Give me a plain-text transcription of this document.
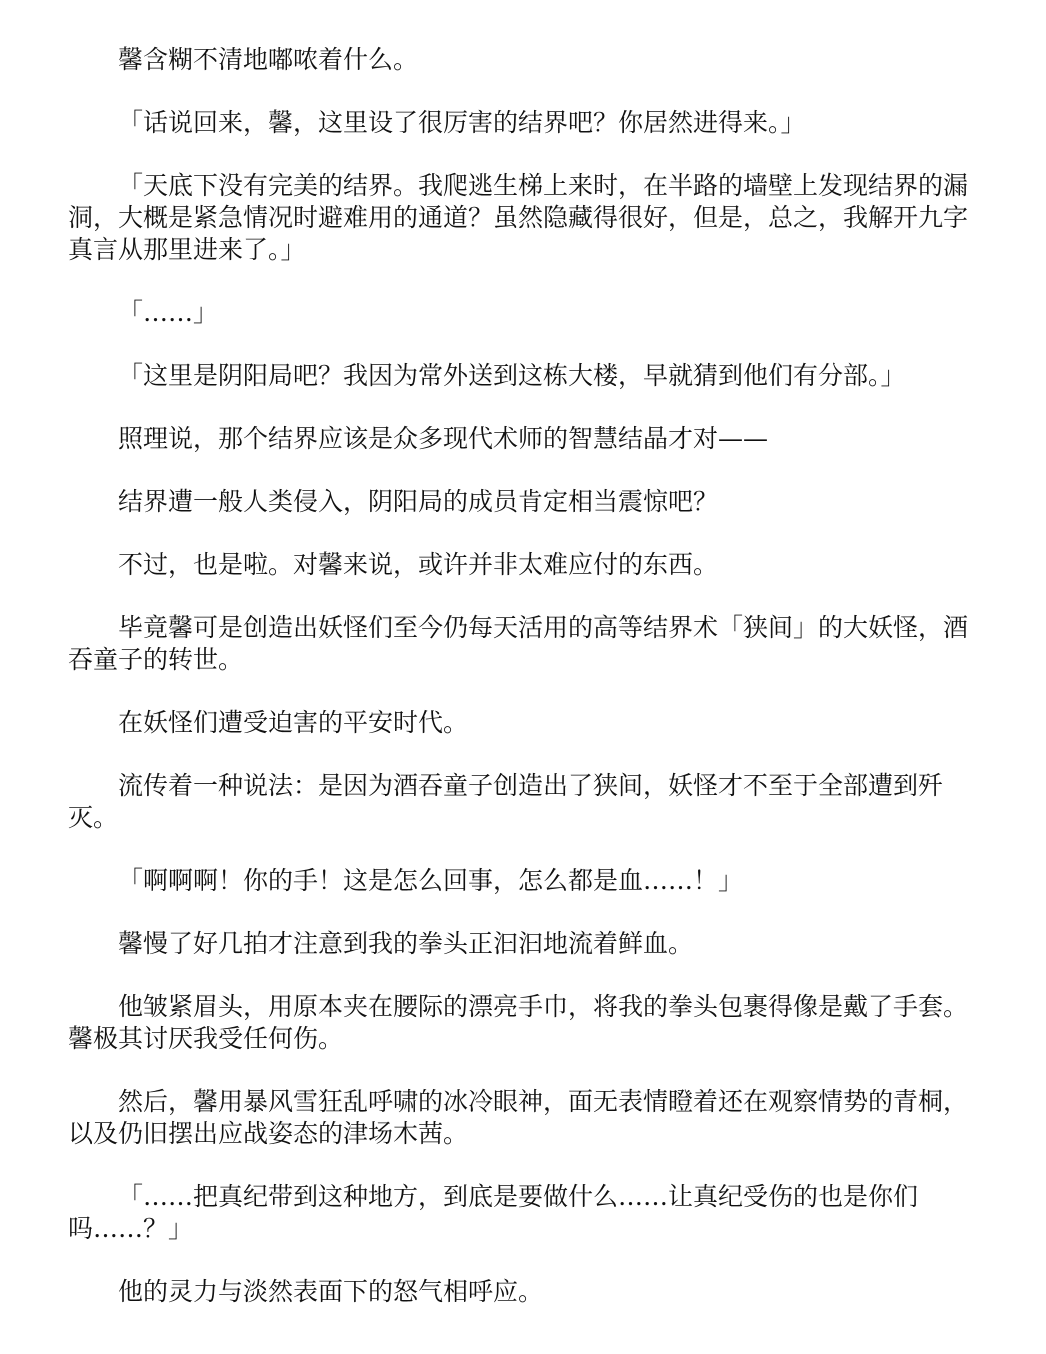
馨含糊不清地嘟哝着什么。

「话说回来，馨，这里设了很厉害的结界吧？你居然进得来。」

「天底下没有完美的结界。我爬逃生梯上来时，在半路的墙壁上发现结界的漏洞，大概是紧急情况时避难用的通道？虽然隐藏得很好，但是，总之，我解开九字真言从那里进来了。」

「……」

「这里是阴阳局吧？我因为常外送到这栋大楼，早就猜到他们有分部。」

照理说，那个结界应该是众多现代术师的智慧结晶才对——

结界遭一般人类侵入，阴阳局的成员肯定相当震惊吧？

不过，也是啦。对馨来说，或许并非太难应付的东西。

毕竟馨可是创造出妖怪们至今仍每天活用的高等结界术「狭间」的大妖怪，酒吞童子的转世。

在妖怪们遭受迫害的平安时代。

流传着一种说法：是因为酒吞童子创造出了狭间，妖怪才不至于全部遭到歼灭。

「啊啊啊！你的手！这是怎么回事，怎么都是血……！」

馨慢了好几拍才注意到我的拳头正汩汩地流着鲜血。

他皱紧眉头，用原本夹在腰际的漂亮手巾，将我的拳头包裹得像是戴了手套。馨极其讨厌我受任何伤。

然后，馨用暴风雪狂乱呼啸的冰冷眼神，面无表情瞪着还在观察情势的青桐，以及仍旧摆出应战姿态的津场木茜。

「……把真纪带到这种地方，到底是要做什么……让真纪受伤的也是你们吗……？」

他的灵力与淡然表面下的怒气相呼应。
